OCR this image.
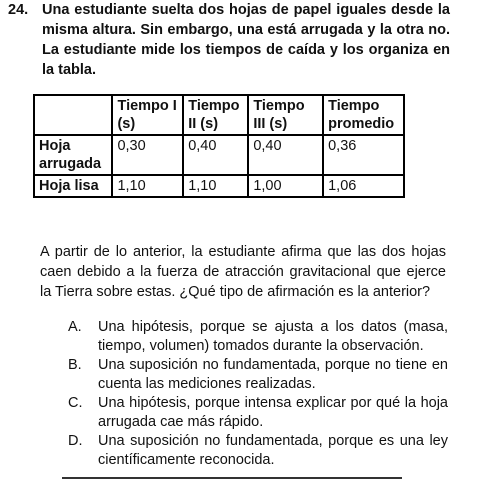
24. Una estudiante suelta dos hojas de papel iguales desde la misma altura. Sin embargo, una está arrugada y la otra no. La estudiante mide los tiempos de caída y los organiza en la tabla.
	Tiempo I (s)	Tiempo II (s)	Tiempo III (s)	Tiempo promedio
Hoja arrugada	0,30	0,40	0,40	0,36
Hoja lisa	1,10	1,10	1,00	1,06
A partir de lo anterior, la estudiante afirma que las dos hojas caen debido a la fuerza de atracción gravitacional que ejerce la Tierra sobre estas. ¿Qué tipo de afirmación es la anterior?
A.	Una hipótesis, porque se ajusta a los datos (masa, tiempo, volumen) tomados durante la observación.
B.	Una suposición no fundamentada, porque no tiene en cuenta las mediciones realizadas.
C.	Una hipótesis, porque intensa explicar por qué la hoja arrugada cae más rápido.
D.	Una suposición no fundamentada, porque es una ley científicamente reconocida.
